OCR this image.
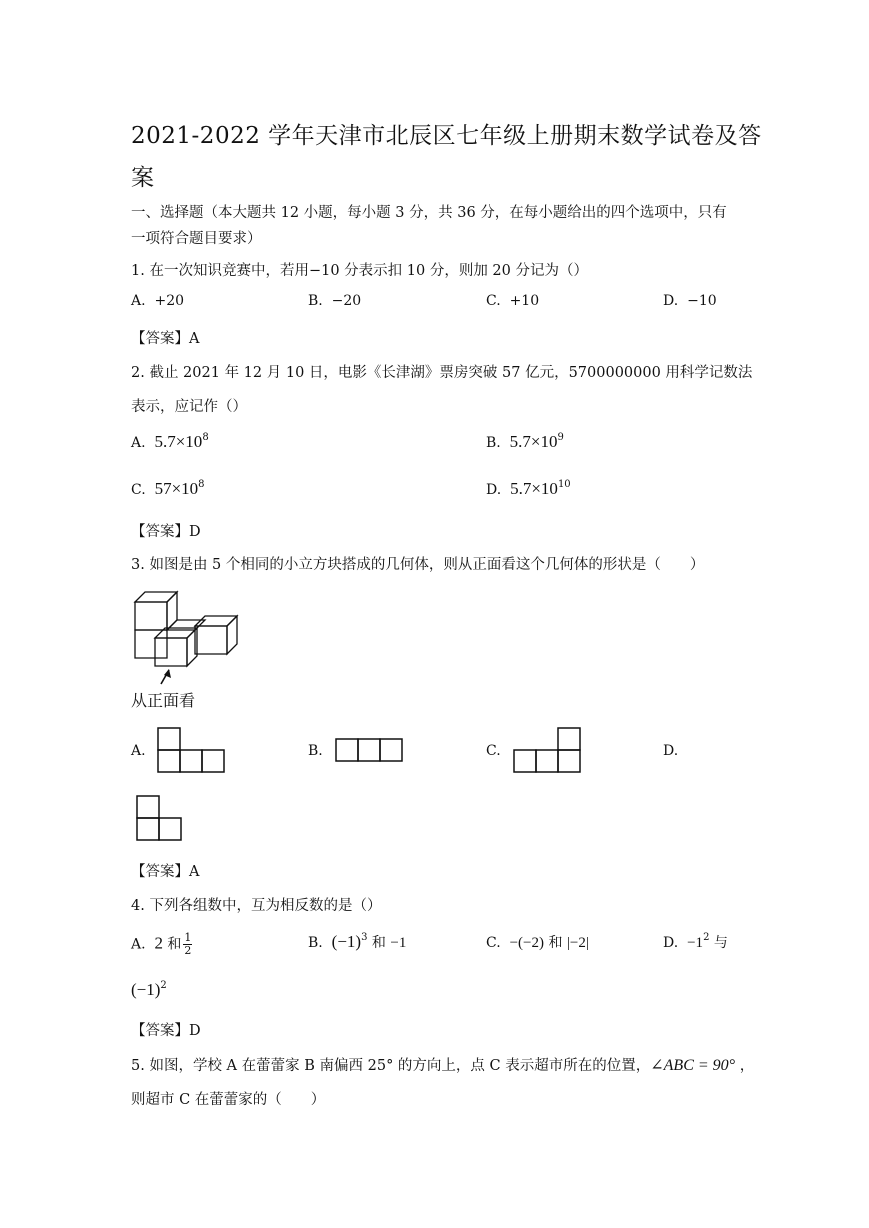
2021-2022 学年天津市北辰区七年级上册期末数学试卷及答
案
一、选择题（本大题共 12 小题，每小题 3 分，共 36 分，在每小题给出的四个选项中，只有
一项符合题目要求）
1. 在一次知识竞赛中，若用−10 分表示扣 10 分，则加 20 分记为（）
A. +20	B. −20	C. +10	D. −10
【答案】A
2. 截止 2021 年 12 月 10 日，电影《长津湖》票房突破 57 亿元，5700000000 用科学记数法
表示，应记作（）
A. $5.7\times 10^8$	B. $5.7\times 10^9$
C. $57\times 10^8$	D. $5.7\times 10^{10}$
【答案】D
3. 如图是由 5 个相同的小立方块搭成的几何体，则从正面看这个几何体的形状是（　　）
从正面看
A.	B.	C.	D.
【答案】A
4. 下列各组数中，互为相反数的是（）
A. 2 和 $\frac{1}{2}$	B. $(-1)^3$ 和 −1	C. −(−2) 和 |−2|	D. $-1^2$ 与
$(-1)^2$
【答案】D
5. 如图，学校 A 在蕾蕾家 B 南偏西 25° 的方向上，点 C 表示超市所在的位置，∠ABC = 90° ，
则超市 C 在蕾蕾家的（　　）
